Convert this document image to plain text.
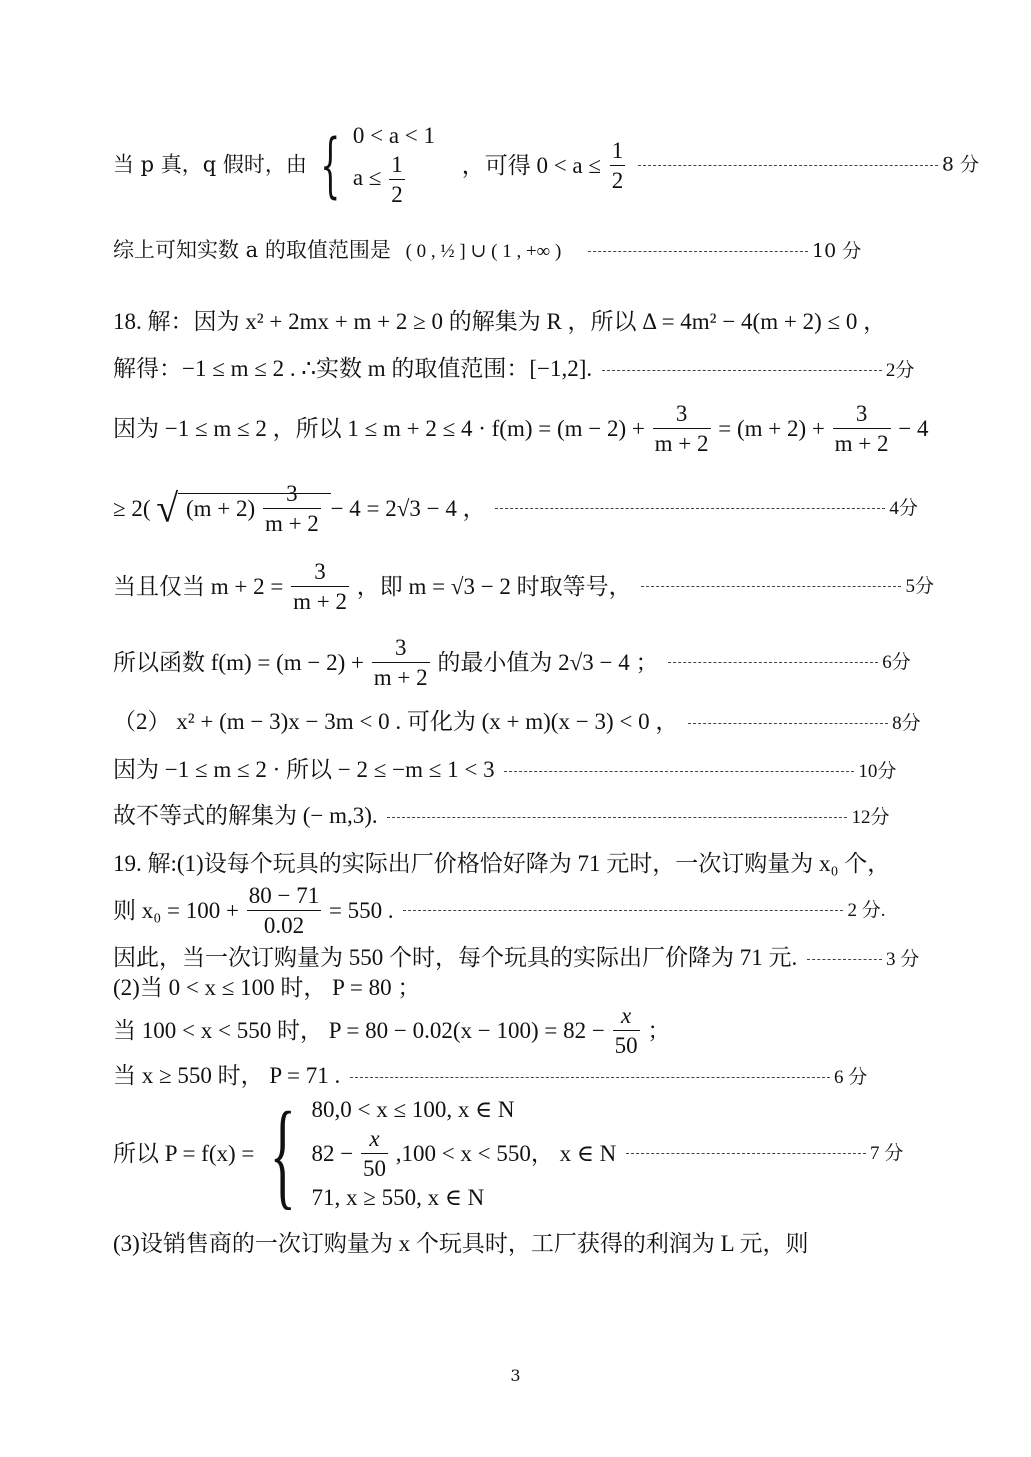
当 p 真，q 假时，由 { 0 < a < 1
$a \le \frac{1}{2}$ ，可得 $0 < a \le \frac{1}{2}$	8 分
综上可知实数 a 的取值范围是 ( 0 , ½ ] ∪ ( 1 , +∞ )	10 分
18. 解：因为 x² + 2mx + m + 2 ≥ 0 的解集为 R ，所以 Δ = 4m² − 4(m + 2) ≤ 0 ，
解得：−1 ≤ m ≤ 2 . ∴实数 m 的取值范围：[−1,2].	2分
因为 −1 ≤ m ≤ 2 ，所以 $1 \le m + 2 \le 4 \cdot f(m) = (m - 2) + \frac{3}{m + 2} = (m + 2) + \frac{3}{m + 2} - 4$
≥ 2( √ $(m + 2) \frac{3}{m + 2} - 4 = 2√3 - 4$ ，	4分
当且仅当 $m + 2 = \frac{3}{m + 2}$ ，即 m = √3 − 2 时取等号，	5分
所以函数 $f(m) = (m - 2) + \frac{3}{m + 2}$ 的最小值为 2√3 − 4 ；	6分
（2） x² + (m − 3)x − 3m < 0 . 可化为 (x + m)(x − 3) < 0 ，	8分
因为 −1 ≤ m ≤ 2 · 所以 − 2 ≤ −m ≤ 1 < 3	10分
故不等式的解集为 (− m,3).	12分
19. 解:(1)设每个玩具的实际出厂价格恰好降为 71 元时，一次订购量为 x₀ 个，
则 $x_0 = 100 + \frac{80 - 71}{0.02} = 550$ .	2 分.
因此，当一次订购量为 550 个时，每个玩具的实际出厂价降为 71 元.	3 分
(2)当 0 < x ≤ 100 时， P = 80 ；
当 100 < x < 550 时， $P = 80 - 0.02(x - 100) = 82 - \frac{x}{50}$ ；
当 x ≥ 550 时， P = 71 .	6 分
所以 P = f(x) = { 80,0 < x ≤ 100, x ∈ N
$82 - \frac{x}{50} ,100 < x < 550$， x ∈ N	7 分
71, x ≥ 550, x ∈ N
(3)设销售商的一次订购量为 x 个玩具时，工厂获得的利润为 L 元，则
3
